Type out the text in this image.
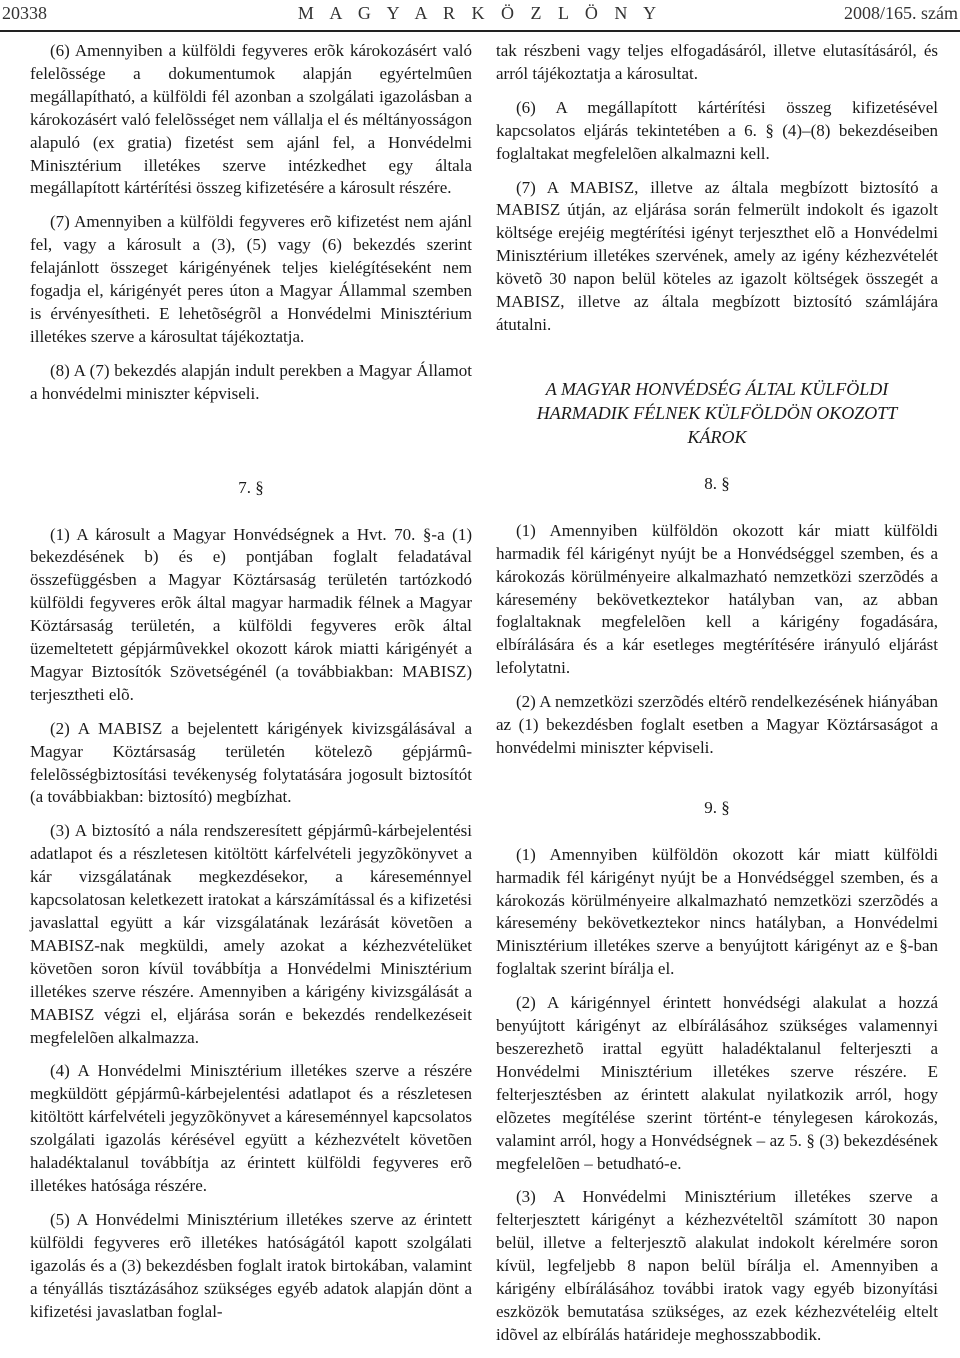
20338	M A G Y A R K Ö Z L Ö N Y	2008/165. szám

(6) Amennyiben a külföldi fegyveres erõk károkozásért való felelõssége a dokumentumok alapján egyértelmûen megállapítható, a külföldi fél azonban a szolgálati igazolásban a károkozásért való felelõsséget nem vállalja el és méltányosságon alapuló (ex gratia) fizetést sem ajánl fel, a Honvédelmi Minisztérium illetékes szerve intézkedhet egy általa megállapított kártérítési összeg kifizetésére a károsult részére.

(7) Amennyiben a külföldi fegyveres erõ kifizetést nem ajánl fel, vagy a károsult a (3), (5) vagy (6) bekezdés szerint felajánlott összeget kárigényének teljes kielégítéseként nem fogadja el, kárigényét peres úton a Magyar Állammal szemben is érvényesítheti. E lehetõségrõl a Honvédelmi Minisztérium illetékes szerve a károsultat tájékoztatja.

(8) A (7) bekezdés alapján indult perekben a Magyar Államot a honvédelmi miniszter képviseli.

7. §

(1) A károsult a Magyar Honvédségnek a Hvt. 70. §-a (1) bekezdésének b) és e) pontjában foglalt feladatával összefüggésben a Magyar Köztársaság területén tartózkodó külföldi fegyveres erõk által magyar harmadik félnek a Magyar Köztársaság területén, a külföldi fegyveres erõk által üzemeltetett gépjármûvekkel okozott károk miatti kárigényét a Magyar Biztosítók Szövetségénél (a továbbiakban: MABISZ) terjesztheti elõ.

(2) A MABISZ a bejelentett kárigények kivizsgálásával a Magyar Köztársaság területén kötelezõ gépjármû-felelõsségbiztosítási tevékenység folytatására jogosult biztosítót (a továbbiakban: biztosító) megbízhat.

(3) A biztosító a nála rendszeresített gépjármû-kárbejelentési adatlapot és a részletesen kitöltött kárfelvételi jegyzõkönyvet a kár vizsgálatának megkezdésekor, a káreseménnyel kapcsolatosan keletkezett iratokat a kárszámítással és a kifizetési javaslattal együtt a kár vizsgálatának lezárását követõen a MABISZ-nak megküldi, amely azokat a kézhezvételüket követõen soron kívül továbbítja a Honvédelmi Minisztérium illetékes szerve részére. Amennyiben a kárigény kivizsgálását a MABISZ végzi el, eljárása során e bekezdés rendelkezéseit megfelelõen alkalmazza.

(4) A Honvédelmi Minisztérium illetékes szerve a részére megküldött gépjármû-kárbejelentési adatlapot és a részletesen kitöltött kárfelvételi jegyzõkönyvet a káreseménnyel kapcsolatos szolgálati igazolás kérésével együtt a kézhezvételt követõen haladéktalanul továbbítja az érintett külföldi fegyveres erõ illetékes hatósága részére.

(5) A Honvédelmi Minisztérium illetékes szerve az érintett külföldi fegyveres erõ illetékes hatóságától kapott szolgálati igazolás és a (3) bekezdésben foglalt iratok birtokában, valamint a tényállás tisztázásához szükséges egyéb adatok alapján dönt a kifizetési javaslatban foglal-

tak részbeni vagy teljes elfogadásáról, illetve elutasításáról, és arról tájékoztatja a károsultat.

(6) A megállapított kártérítési összeg kifizetésével kapcsolatos eljárás tekintetében a 6. § (4)–(8) bekezdéseiben foglaltakat megfelelõen alkalmazni kell.

(7) A MABISZ, illetve az általa megbízott biztosító a MABISZ útján, az eljárása során felmerült indokolt és igazolt költsége erejéig megtérítési igényt terjeszthet elõ a Honvédelmi Minisztérium illetékes szervének, amely az igény kézhezvételét követõ 30 napon belül köteles az igazolt költségek összegét a MABISZ, illetve az általa megbízott biztosító számlájára átutalni.

A MAGYAR HONVÉDSÉG ÁLTAL KÜLFÖLDI HARMADIK FÉLNEK KÜLFÖLDÖN OKOZOTT KÁROK
8. §

(1) Amennyiben külföldön okozott kár miatt külföldi harmadik fél kárigényt nyújt be a Honvédséggel szemben, és a károkozás körülményeire alkalmazható nemzetközi szerzõdés a káresemény bekövetkeztekor hatályban van, az abban foglaltaknak megfelelõen kell a kárigény fogadására, elbírálására és a kár esetleges megtérítésére irányuló eljárást lefolytatni.

(2) A nemzetközi szerzõdés eltérõ rendelkezésének hiányában az (1) bekezdésben foglalt esetben a Magyar Köztársaságot a honvédelmi miniszter képviseli.

9. §

(1) Amennyiben külföldön okozott kár miatt külföldi harmadik fél kárigényt nyújt be a Honvédséggel szemben, és a károkozás körülményeire alkalmazható nemzetközi szerzõdés a káresemény bekövetkeztekor nincs hatályban, a Honvédelmi Minisztérium illetékes szerve a benyújtott kárigényt az e §-ban foglaltak szerint bírálja el.

(2) A kárigénnyel érintett honvédségi alakulat a hozzá benyújtott kárigényt az elbírálásához szükséges valamennyi beszerezhetõ irattal együtt haladéktalanul felterjeszti a Honvédelmi Minisztérium illetékes szerve részére. E felterjesztésben az érintett alakulat nyilatkozik arról, hogy elõzetes megítélése szerint történt-e ténylegesen károkozás, valamint arról, hogy a Honvédségnek – az 5. § (3) bekezdésének megfelelõen – betudható-e.

(3) A Honvédelmi Minisztérium illetékes szerve a felterjesztett kárigényt a kézhezvételtõl számított 30 napon belül, illetve a felterjesztõ alakulat indokolt kérelmére soron kívül, legfeljebb 8 napon belül bírálja el. Amennyiben a kárigény elbírálásához további iratok vagy egyéb bizonyítási eszközök bemutatása szükséges, az ezek kézhezvételéig eltelt idõvel az elbírálás határideje meghosszabbodik.
